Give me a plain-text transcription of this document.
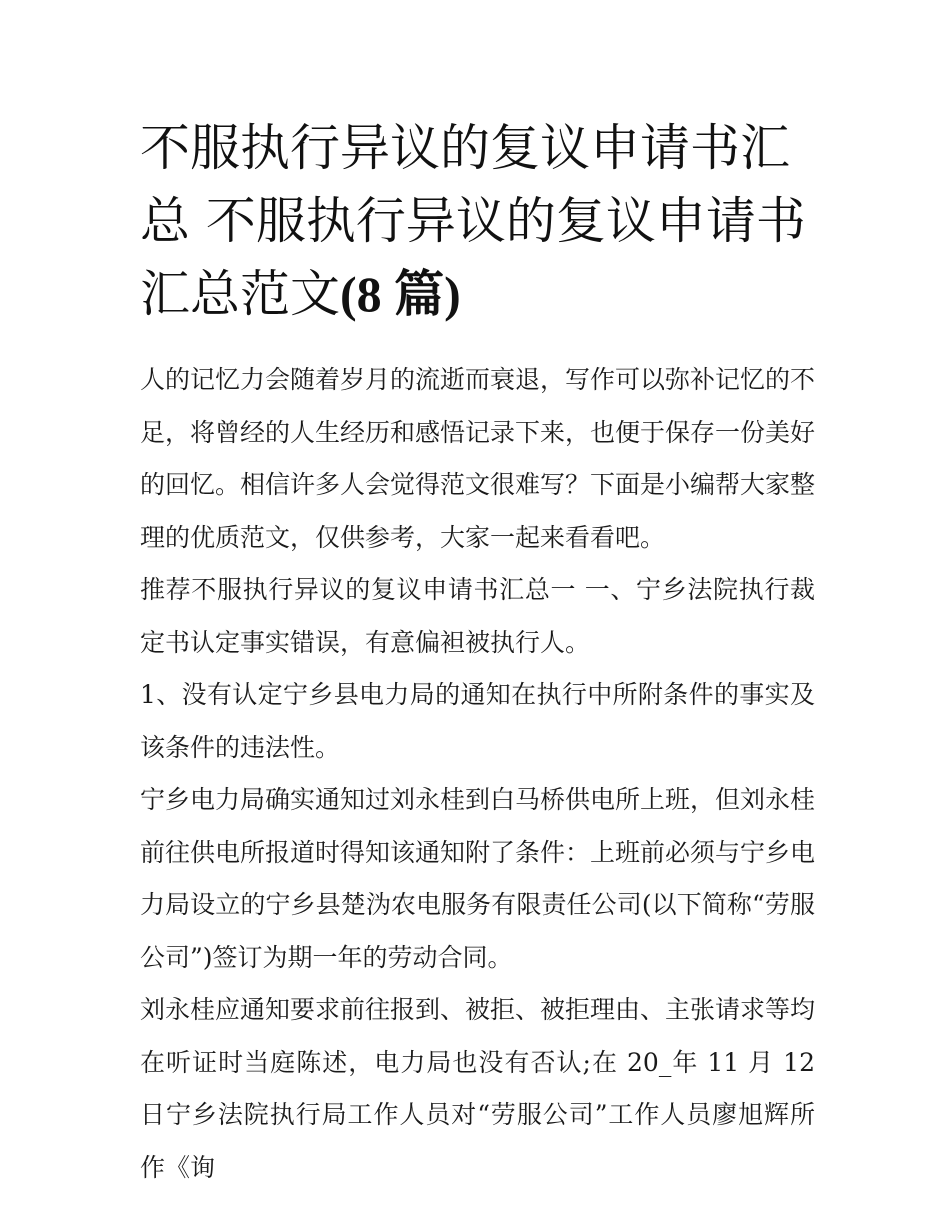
不服执行异议的复议申请书汇总 不服执行异议的复议申请书汇总范文(8 篇)

人的记忆力会随着岁月的流逝而衰退，写作可以弥补记忆的不足，将曾经的人生经历和感悟记录下来，也便于保存一份美好的回忆。相信许多人会觉得范文很难写？下面是小编帮大家整理的优质范文，仅供参考，大家一起来看看吧。

推荐不服执行异议的复议申请书汇总一 一、宁乡法院执行裁定书认定事实错误，有意偏袒被执行人。

1、没有认定宁乡县电力局的通知在执行中所附条件的事实及该条件的违法性。

宁乡电力局确实通知过刘永桂到白马桥供电所上班，但刘永桂前往供电所报道时得知该通知附了条件：上班前必须与宁乡电力局设立的宁乡县楚沩农电服务有限责任公司(以下简称“劳服公司”)签订为期一年的劳动合同。

刘永桂应通知要求前往报到、被拒、被拒理由、主张请求等均在听证时当庭陈述，电力局也没有否认;在 20_年 11 月 12 日宁乡法院执行局工作人员对“劳服公司”工作人员廖旭辉所作《询
